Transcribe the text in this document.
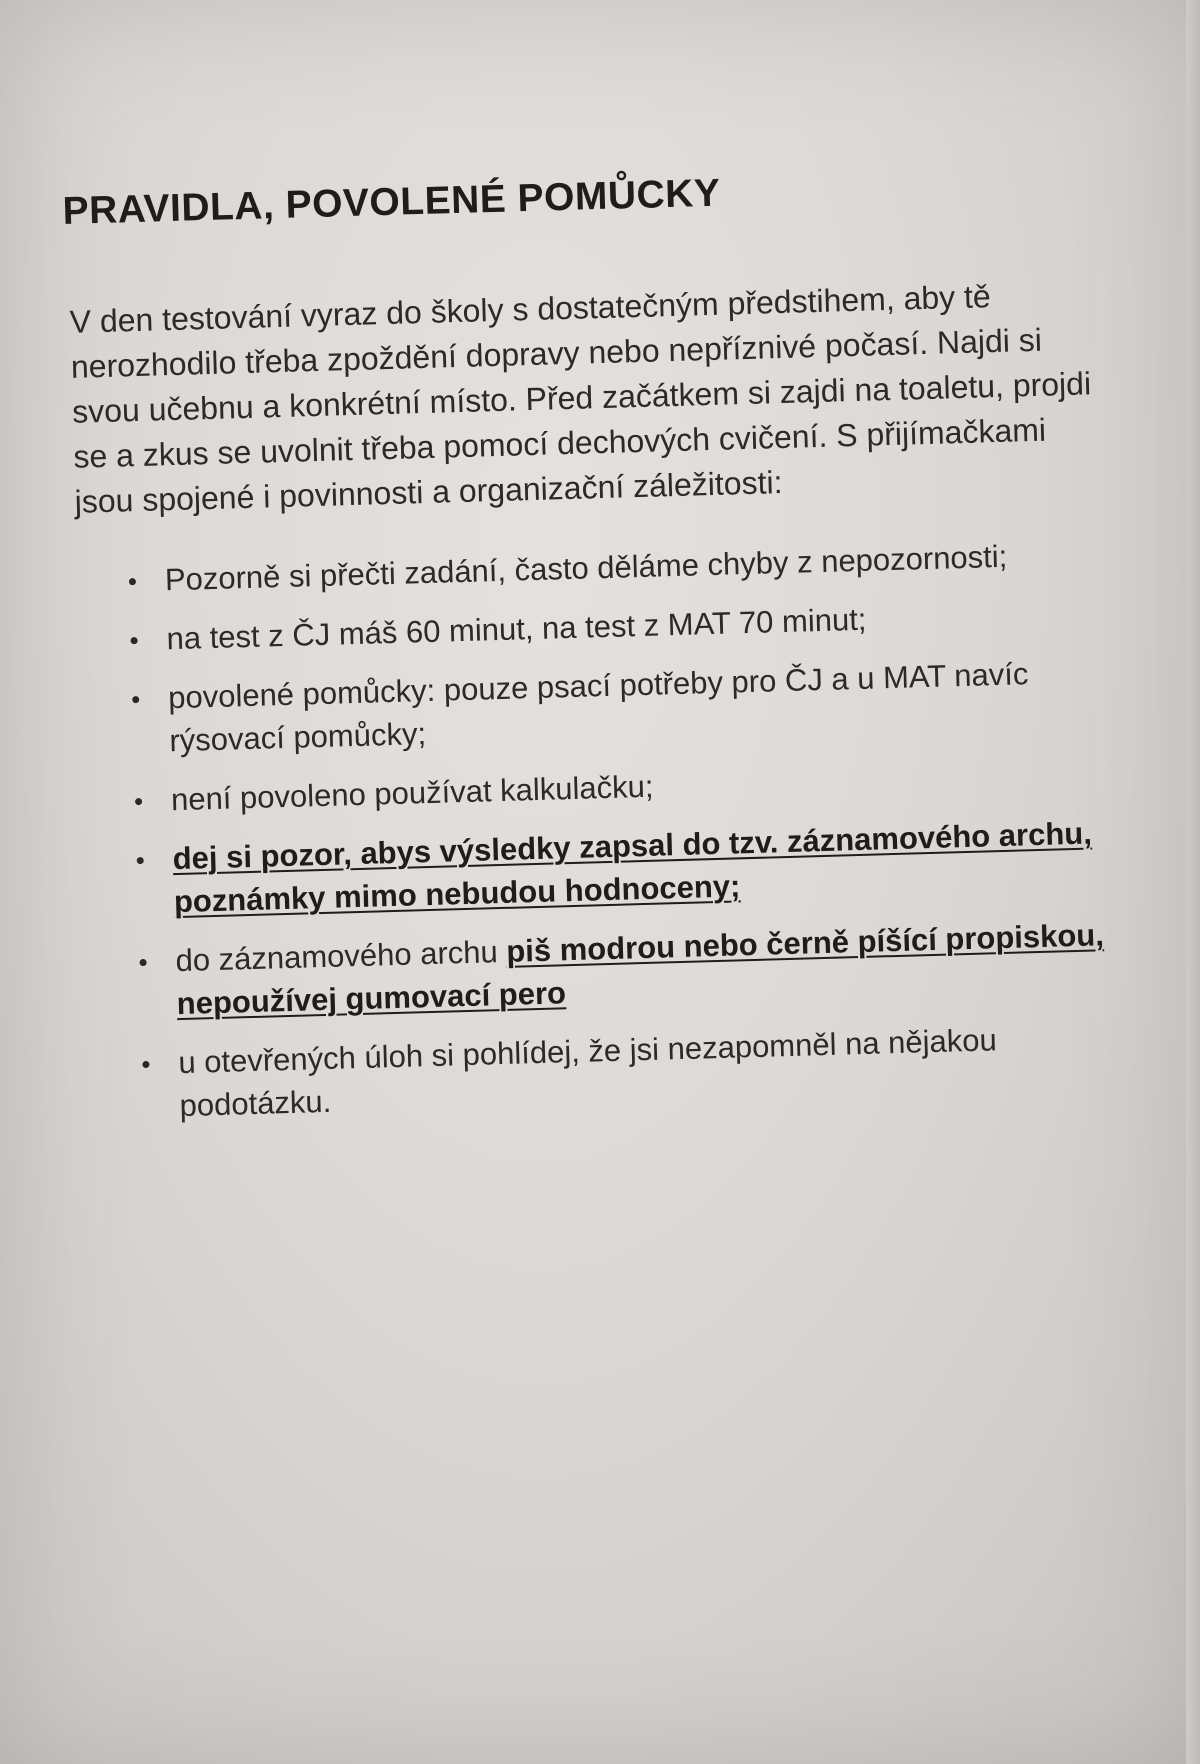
PRAVIDLA, POVOLENÉ POMŮCKY

V den testování vyraz do školy s dostatečným předstihem, aby tě nerozhodilo třeba zpoždění dopravy nebo nepříznivé počasí. Najdi si svou učebnu a konkrétní místo. Před začátkem si zajdi na toaletu, projdi se a zkus se uvolnit třeba pomocí dechových cvičení. S přijímačkami jsou spojené i povinnosti a organizační záležitosti:

Pozorně si přečti zadání, často děláme chyby z nepozornosti;
na test z ČJ máš 60 minut, na test z MAT 70 minut;
povolené pomůcky: pouze psací potřeby pro ČJ a u MAT navíc rýsovací pomůcky;
není povoleno používat kalkulačku;
dej si pozor, abys výsledky zapsal do tzv. záznamového archu, poznámky mimo nebudou hodnoceny;
do záznamového archu piš modrou nebo černě píšící propiskou, nepoužívej gumovací pero
u otevřených úloh si pohlídej, že jsi nezapomněl na nějakou podotázku.
